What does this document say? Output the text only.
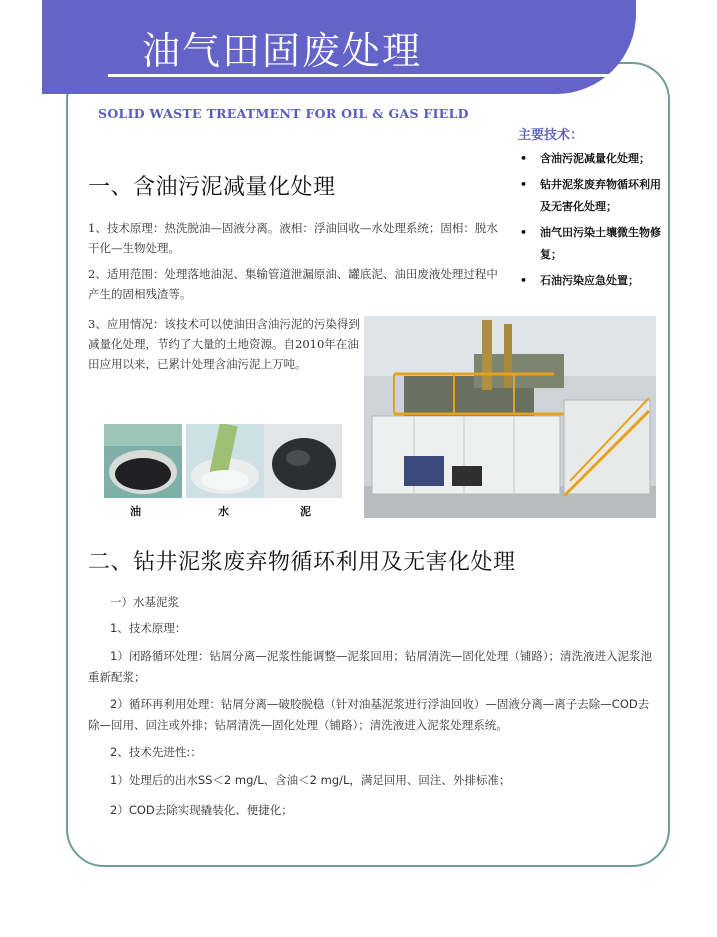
油气田固废处理
SOLID WASTE TREATMENT FOR OIL & GAS FIELD
主要技术：
• 含油污泥减量化处理；
• 钻井泥浆废弃物循环利用及无害化处理；
• 油气田污染土壤微生物修复；
• 石油污染应急处置；
一、含油污泥减量化处理
1、技术原理：热洗脱油—固液分离。液相：浮油回收—水处理系统；固相：脱水干化—生物处理。
2、适用范围：处理落地油泥、集输管道泄漏原油、罐底泥、油田废液处理过程中产生的固相残渣等。
3、应用情况：该技术可以使油田含油污泥的污染得到减量化处理，节约了大量的土地资源。自2010年在油田应用以来，已累计处理含油污泥上万吨。
油	水	泥
二、钻井泥浆废弃物循环利用及无害化处理
一）水基泥浆
1、技术原理：
1）闭路循环处理：钻屑分离—泥浆性能调整—泥浆回用；钻屑清洗—固化处理（铺路）；清洗液进入泥浆池重新配浆；
2）循环再利用处理：钻屑分离—破胶脱稳（针对油基泥浆进行浮油回收）—固液分离—离子去除—COD去除—回用、回注或外排；钻屑清洗—固化处理（铺路）；清洗液进入泥浆处理系统。
2、技术先进性:：
1）处理后的出水SS＜2 mg/L、含油＜2 mg/L，满足回用、回注、外排标准；
2）COD去除实现撬装化、便捷化；
